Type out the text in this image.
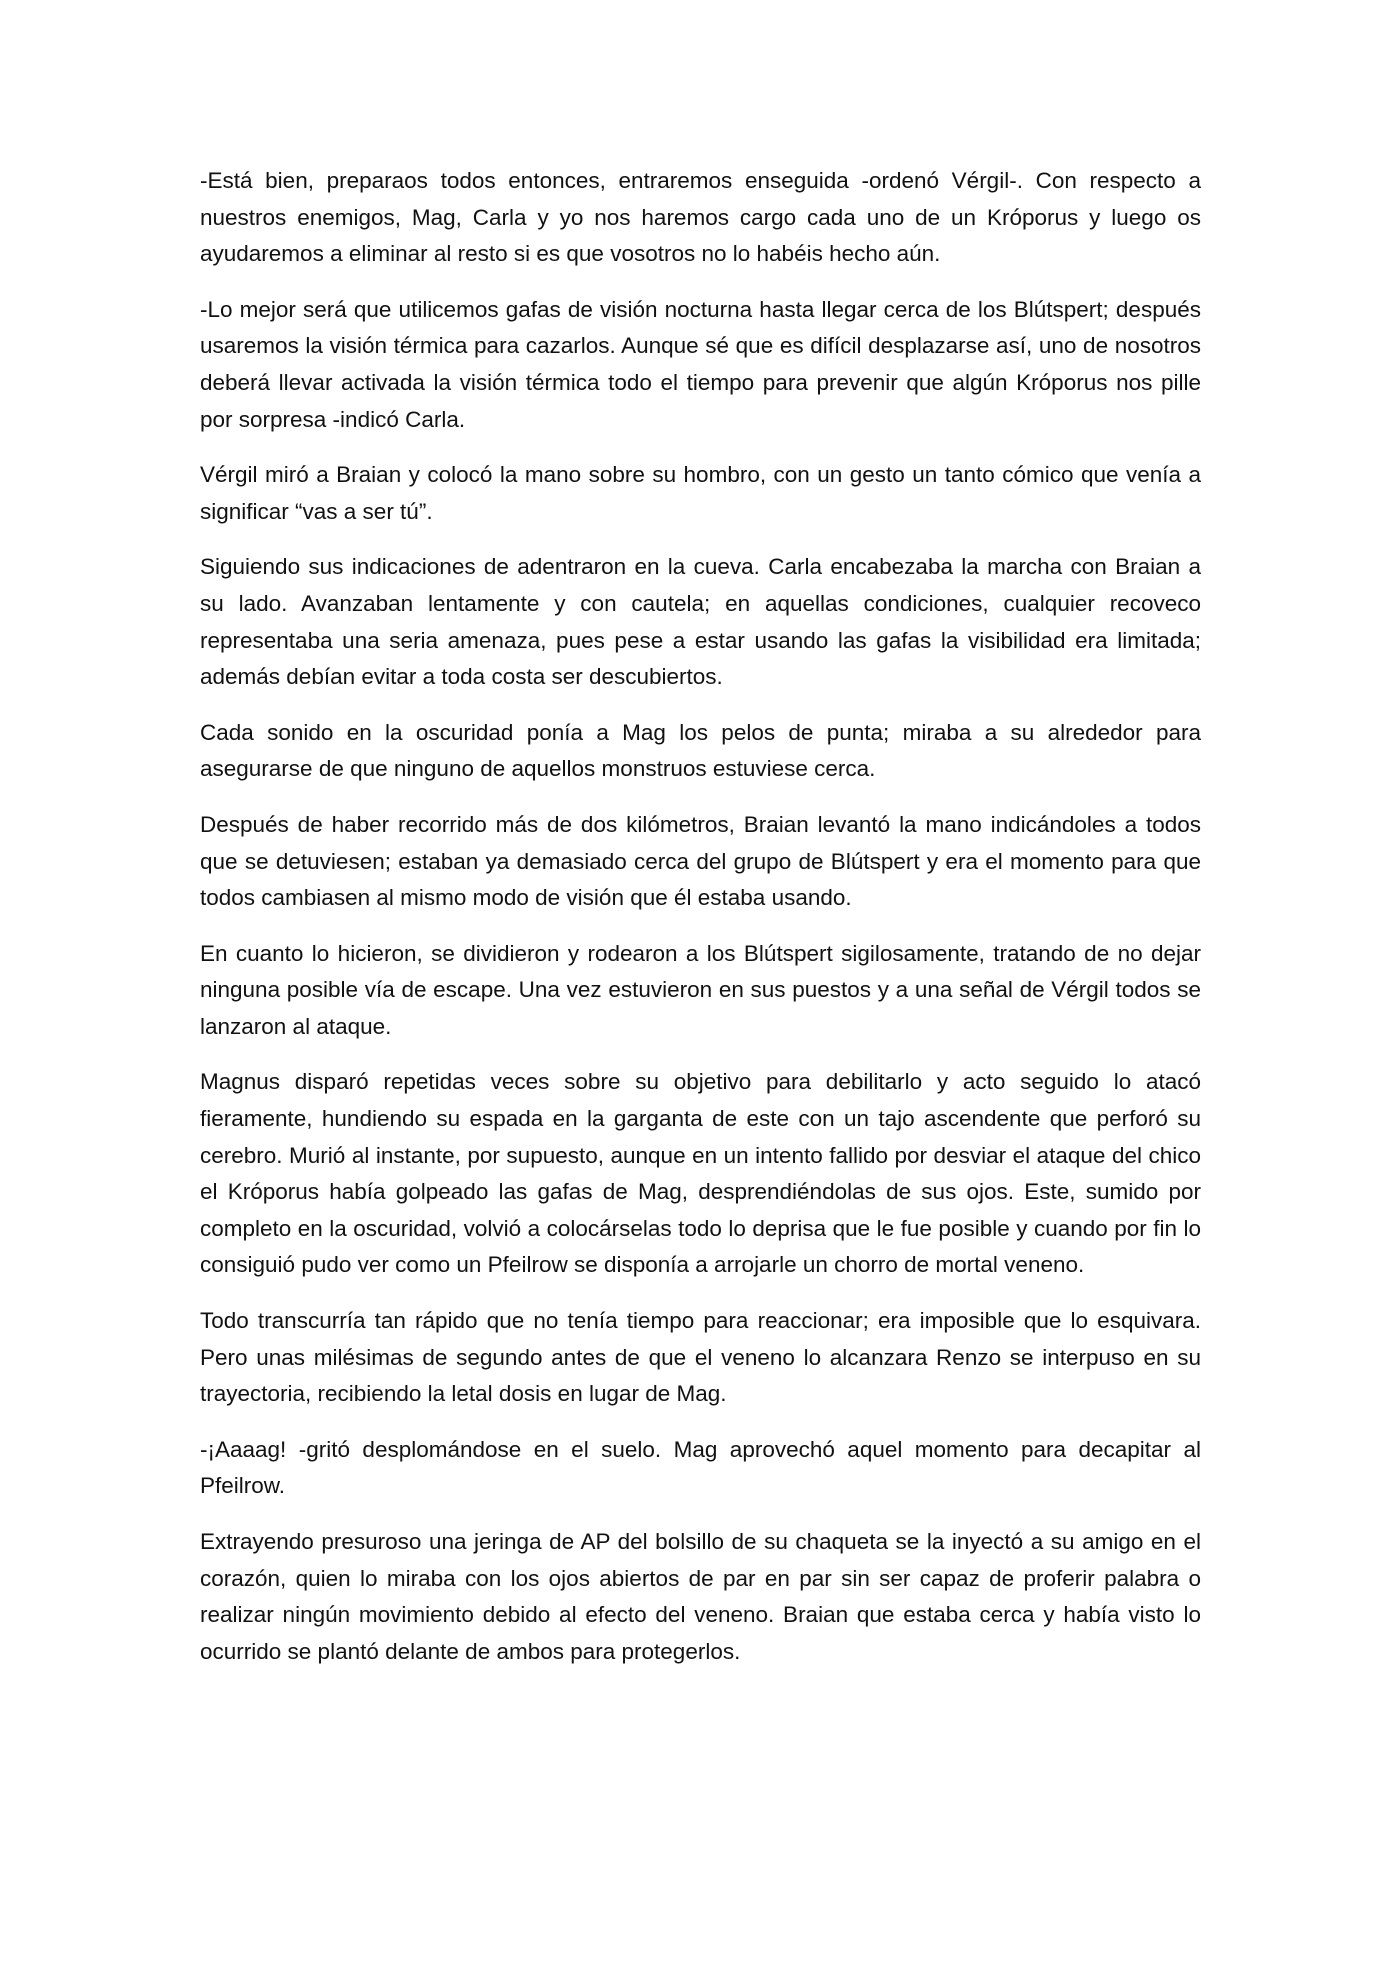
-Está bien, preparaos todos entonces, entraremos enseguida -ordenó Vérgil-. Con respecto a nuestros enemigos, Mag, Carla y yo nos haremos cargo cada uno de un Króporus y luego os ayudaremos a eliminar al resto si es que vosotros no lo habéis hecho aún.

-Lo mejor será que utilicemos gafas de visión nocturna hasta llegar cerca de los Blútspert; después usaremos la visión térmica para cazarlos. Aunque sé que es difícil desplazarse así, uno de nosotros deberá llevar activada la visión térmica todo el tiempo para prevenir que algún Króporus nos pille por sorpresa -indicó Carla.

Vérgil miró a Braian y colocó la mano sobre su hombro, con un gesto un tanto cómico que venía a significar “vas a ser tú”.

Siguiendo sus indicaciones de adentraron en la cueva. Carla encabezaba la marcha con Braian a su lado. Avanzaban lentamente y con cautela; en aquellas condiciones, cualquier recoveco representaba una seria amenaza, pues pese a estar usando las gafas la visibilidad era limitada; además debían evitar a toda costa ser descubiertos.

Cada sonido en la oscuridad ponía a Mag los pelos de punta; miraba a su alrededor para asegurarse de que ninguno de aquellos monstruos estuviese cerca.

Después de haber recorrido más de dos kilómetros, Braian levantó la mano indicándoles a todos que se detuviesen; estaban ya demasiado cerca del grupo de Blútspert y era el momento para que todos cambiasen al mismo modo de visión que él estaba usando.

En cuanto lo hicieron, se dividieron y rodearon a los Blútspert sigilosamente, tratando de no dejar ninguna posible vía de escape. Una vez estuvieron en sus puestos y a una señal de Vérgil todos se lanzaron al ataque.

Magnus disparó repetidas veces sobre su objetivo para debilitarlo y acto seguido lo atacó fieramente, hundiendo su espada en la garganta de este con un tajo ascendente que perforó su cerebro. Murió al instante, por supuesto, aunque en un intento fallido por desviar el ataque del chico el Króporus había golpeado las gafas de Mag, desprendiéndolas de sus ojos. Este, sumido por completo en la oscuridad, volvió a colocárselas todo lo deprisa que le fue posible y cuando por fin lo consiguió pudo ver como un Pfeilrow se disponía a arrojarle un chorro de mortal veneno.

Todo transcurría tan rápido que no tenía tiempo para reaccionar; era imposible que lo esquivara. Pero unas milésimas de segundo antes de que el veneno lo alcanzara Renzo se interpuso en su trayectoria, recibiendo la letal dosis en lugar de Mag.

-¡Aaaag! -gritó desplomándose en el suelo. Mag aprovechó aquel momento para decapitar al Pfeilrow.

Extrayendo presuroso una jeringa de AP del bolsillo de su chaqueta se la inyectó a su amigo en el corazón, quien lo miraba con los ojos abiertos de par en par sin ser capaz de proferir palabra o realizar ningún movimiento debido al efecto del veneno. Braian que estaba cerca y había visto lo ocurrido se plantó delante de ambos para protegerlos.
